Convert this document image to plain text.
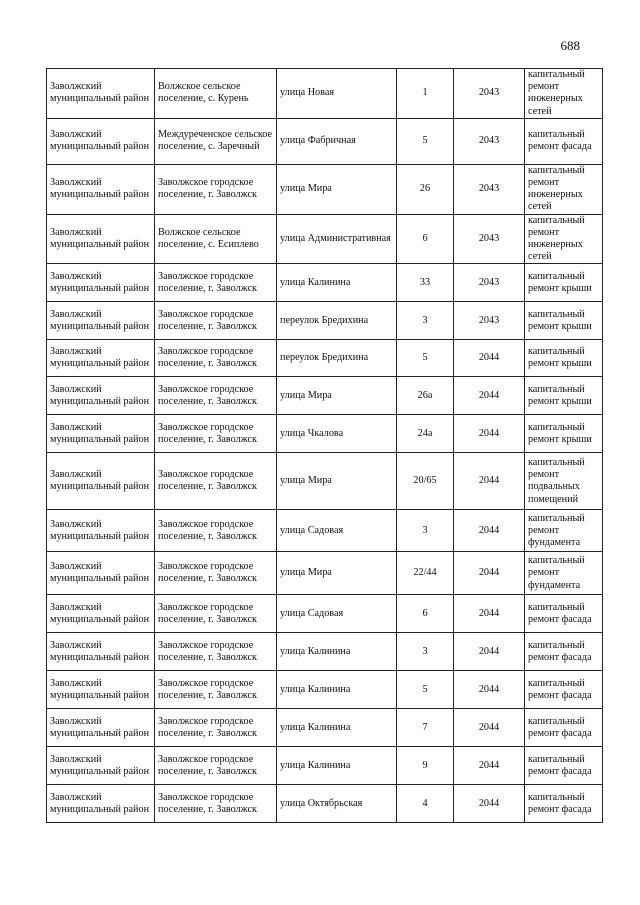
688
Заволжский муниципальный район	Волжское сельское поселение, с. Курень	улица Новая	1	2043	капитальный ремонт инженерных сетей
Заволжский муниципальный район	Междуреченское сельское поселение, с. Заречный	улица Фабричная	5	2043	капитальный ремонт фасада
Заволжский муниципальный район	Заволжское городское поселение, г. Заволжск	улица Мира	26	2043	капитальный ремонт инженерных сетей
Заволжский муниципальный район	Волжское сельское поселение, с. Есиплево	улица Административная	6	2043	капитальный ремонт инженерных сетей
Заволжский муниципальный район	Заволжское городское поселение, г. Заволжск	улица Калинина	33	2043	капитальный ремонт крыши
Заволжский муниципальный район	Заволжское городское поселение, г. Заволжск	переулок Бредихина	3	2043	капитальный ремонт крыши
Заволжский муниципальный район	Заволжское городское поселение, г. Заволжск	переулок Бредихина	5	2044	капитальный ремонт крыши
Заволжский муниципальный район	Заволжское городское поселение, г. Заволжск	улица Мира	26а	2044	капитальный ремонт крыши
Заволжский муниципальный район	Заволжское городское поселение, г. Заволжск	улица Чкалова	24а	2044	капитальный ремонт крыши
Заволжский муниципальный район	Заволжское городское поселение, г. Заволжск	улица Мира	20/65	2044	капитальный ремонт подвальных помещений
Заволжский муниципальный район	Заволжское городское поселение, г. Заволжск	улица Садовая	3	2044	капитальный ремонт фундамента
Заволжский муниципальный район	Заволжское городское поселение, г. Заволжск	улица Мира	22/44	2044	капитальный ремонт фундамента
Заволжский муниципальный район	Заволжское городское поселение, г. Заволжск	улица Садовая	6	2044	капитальный ремонт фасада
Заволжский муниципальный район	Заволжское городское поселение, г. Заволжск	улица Калинина	3	2044	капитальный ремонт фасада
Заволжский муниципальный район	Заволжское городское поселение, г. Заволжск	улица Калинина	5	2044	капитальный ремонт фасада
Заволжский муниципальный район	Заволжское городское поселение, г. Заволжск	улица Калинина	7	2044	капитальный ремонт фасада
Заволжский муниципальный район	Заволжское городское поселение, г. Заволжск	улица Калинина	9	2044	капитальный ремонт фасада
Заволжский муниципальный район	Заволжское городское поселение, г. Заволжск	улица Октябрьская	4	2044	капитальный ремонт фасада
